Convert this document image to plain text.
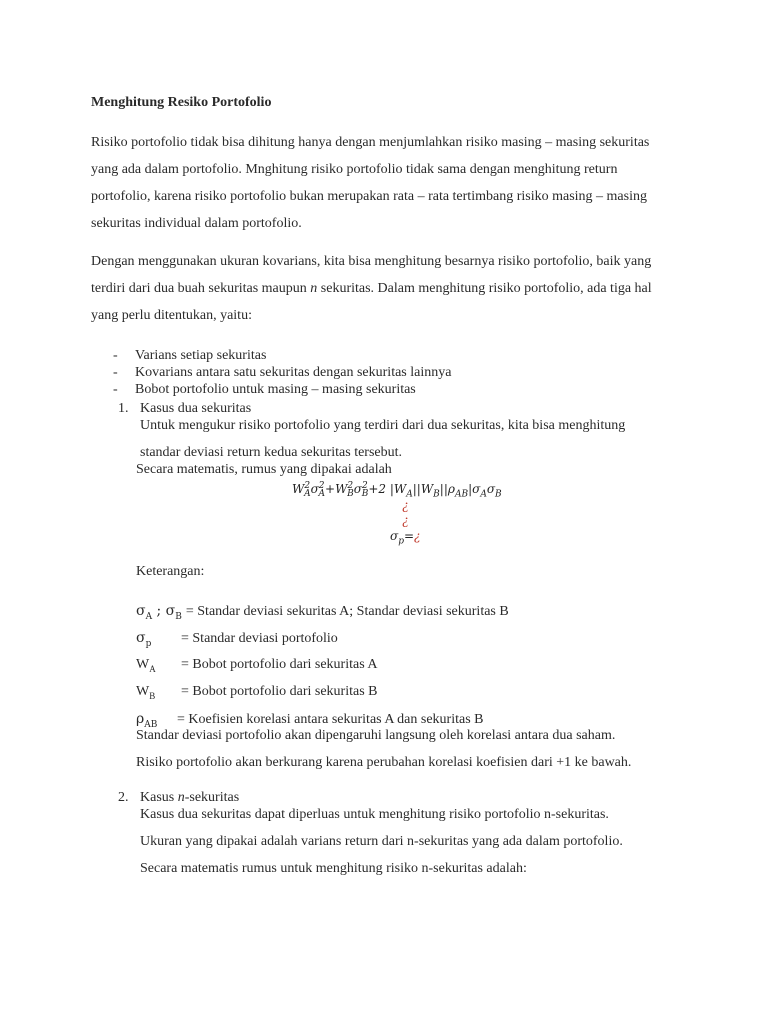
Menghitung Resiko Portofolio
Risiko portofolio tidak bisa dihitung hanya dengan menjumlahkan risiko masing – masing sekuritas yang ada dalam portofolio. Mnghitung risiko portofolio tidak sama dengan menghitung return portofolio, karena risiko portofolio bukan merupakan rata – rata tertimbang risiko masing – masing sekuritas individual dalam portofolio.
Dengan menggunakan ukuran kovarians, kita bisa menghitung besarnya risiko portofolio, baik yang terdiri dari dua buah sekuritas maupun n sekuritas. Dalam menghitung risiko portofolio, ada tiga hal yang perlu ditentukan, yaitu:
- Varians setiap sekuritas
- Kovarians antara satu sekuritas dengan sekuritas lainnya
- Bobot portofolio untuk masing – masing sekuritas
1. Kasus dua sekuritas
Untuk mengukur risiko portofolio yang terdiri dari dua sekuritas, kita bisa menghitung
standar deviasi return kedua sekuritas tersebut.
Secara matematis, rumus yang dipakai adalah
$W^2_A\sigma^2_A+W^2_B\sigma^2_B+2$ $|W_A||W_B||\rho_{AB}|\sigma_A\sigma_B$
¿
¿
$\sigma_p=¿$
Keterangan:
$\sigma_A$ ; $\sigma_B$ = Standar deviasi sekuritas A; Standar deviasi sekuritas B
$\sigma_p$ = Standar deviasi portofolio
$W_A$ = Bobot portofolio dari sekuritas A
$W_B$ = Bobot portofolio dari sekuritas B
$\rho_{AB}$ = Koefisien korelasi antara sekuritas A dan sekuritas B
Standar deviasi portofolio akan dipengaruhi langsung oleh korelasi antara dua saham.
Risiko portofolio akan berkurang karena perubahan korelasi koefisien dari +1 ke bawah.
2. Kasus n-sekuritas
Kasus dua sekuritas dapat diperluas untuk menghitung risiko portofolio n-sekuritas.
Ukuran yang dipakai adalah varians return dari n-sekuritas yang ada dalam portofolio.
Secara matematis rumus untuk menghitung risiko n-sekuritas adalah:
